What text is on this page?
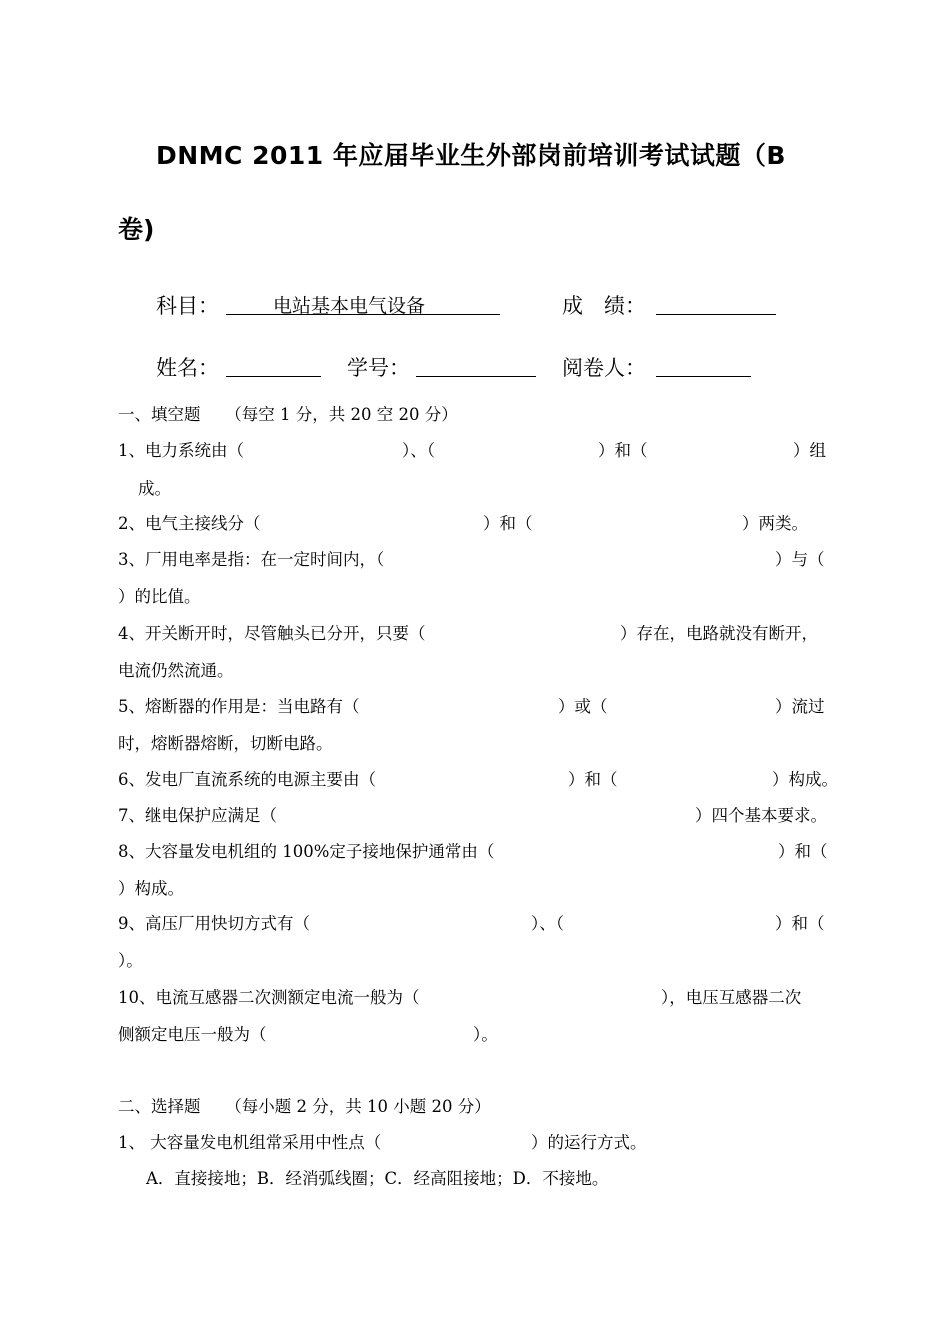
DNMC 2011 年应届毕业生外部岗前培训考试试题（B
卷)
科目：	电站基本电气设备	成　绩：
姓名：	学号：	阅卷人：
一、填空题　　（每空 1 分，共 20 空 20 分）
1、电力系统由（	）、（	）和（	）组
成。
2、电气主接线分（	）和（	）两类。
3、厂用电率是指：在一定时间内，（	）与（
）的比值。
4、开关断开时，尽管触头已分开，只要（	）存在，电路就没有断开，
电流仍然流通。
5、熔断器的作用是：当电路有（	）或（	）流过
时，熔断器熔断，切断电路。
6、发电厂直流系统的电源主要由（	）和（	）构成。
7、继电保护应满足（	）四个基本要求。
8、大容量发电机组的 100%定子接地保护通常由（	）和（
）构成。
9、高压厂用快切方式有（	）、（	）和（
）。
10、电流互感器二次测额定电流一般为（	），电压互感器二次
侧额定电压一般为（	）。
二、选择题　　（每小题 2 分，共 10 小题 20 分）
1、 大容量发电机组常采用中性点（	）的运行方式。
A．直接接地；B．经消弧线圈；C．经高阻接地；D．不接地。
